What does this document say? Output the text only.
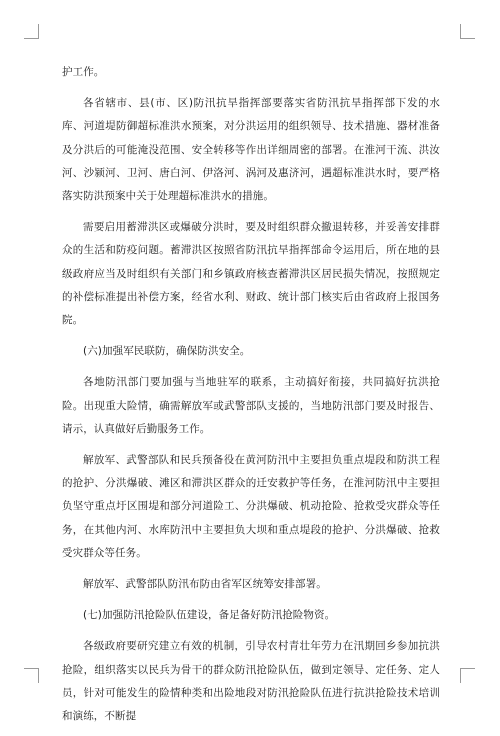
护工作。

各省辖市、县(市、区)防汛抗旱指挥部要落实省防汛抗旱指挥部下发的水库、河道堤防御超标准洪水预案，对分洪运用的组织领导、技术措施、器材准备及分洪后的可能淹没范围、安全转移等作出详细周密的部署。在淮河干流、洪汝河、沙颍河、卫河、唐白河、伊洛河、涡河及惠济河，遇超标准洪水时，要严格落实防洪预案中关于处理超标准洪水的措施。

需要启用蓄滞洪区或爆破分洪时，要及时组织群众撤退转移，并妥善安排群众的生活和防疫问题。蓄滞洪区按照省防汛抗旱指挥部命令运用后，所在地的县级政府应当及时组织有关部门和乡镇政府核查蓄滞洪区居民损失情况，按照规定的补偿标准提出补偿方案，经省水利、财政、统计部门核实后由省政府上报国务院。

(六)加强军民联防，确保防洪安全。

各地防汛部门要加强与当地驻军的联系，主动搞好衔接，共同搞好抗洪抢险。出现重大险情，确需解放军或武警部队支援的，当地防汛部门要及时报告、请示，认真做好后勤服务工作。

解放军、武警部队和民兵预备役在黄河防汛中主要担负重点堤段和防洪工程的抢护、分洪爆破、滩区和滞洪区群众的迁安救护等任务，在淮河防汛中主要担负坚守重点圩区围堤和部分河道险工、分洪爆破、机动抢险、抢救受灾群众等任务，在其他内河、水库防汛中主要担负大坝和重点堤段的抢护、分洪爆破、抢救受灾群众等任务。

解放军、武警部队防汛布防由省军区统筹安排部署。

(七)加强防汛抢险队伍建设，备足备好防汛抢险物资。

各级政府要研究建立有效的机制，引导农村青壮年劳力在汛期回乡参加抗洪抢险，组织落实以民兵为骨干的群众防汛抢险队伍，做到定领导、定任务、定人员，针对可能发生的险情种类和出险地段对防汛抢险队伍进行抗洪抢险技术培训和演练，不断提
